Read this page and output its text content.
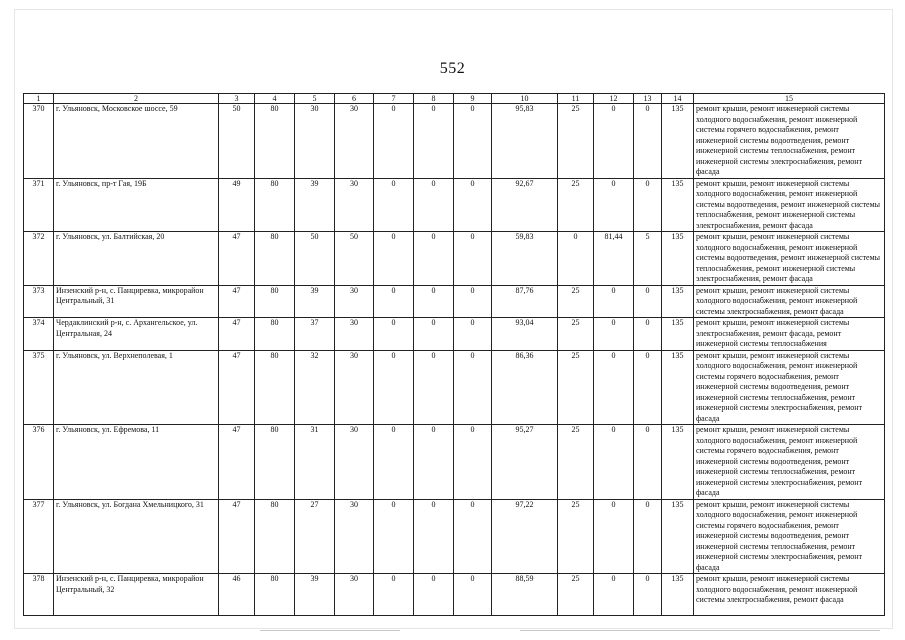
552
1	2	3	4	5	6	7	8	9	10	11	12	13	14	15
370	г. Ульяновск, Московское шоссе, 59	50	80	30	30	0	0	0	95,83	25	0	0	135	ремонт крыши, ремонт инженерной системы холодного водоснабжения, ремонт инженерной системы горячего водоснабжения, ремонт инженерной системы водоотведения, ремонт инженерной системы теплоснабжения, ремонт инженерной системы электроснабжения, ремонт фасада
371	г. Ульяновск, пр-т Гая, 19Б	49	80	39	30	0	0	0	92,67	25	0	0	135	ремонт крыши, ремонт инженерной системы холодного водоснабжения, ремонт инженерной системы водоотведения, ремонт инженерной системы теплоснабжения, ремонт инженерной системы электроснабжения, ремонт фасада
372	г. Ульяновск, ул. Балтийская, 20	47	80	50	50	0	0	0	59,83	0	81,44	5	135	ремонт крыши, ремонт инженерной системы холодного водоснабжения, ремонт инженерной системы водоотведения, ремонт инженерной системы теплоснабжения, ремонт инженерной системы электроснабжения, ремонт фасада
373	Инзенский р-н, с. Панциревка, микрорайон Центральный, 31	47	80	39	30	0	0	0	87,76	25	0	0	135	ремонт крыши, ремонт инженерной системы холодного водоснабжения, ремонт инженерной системы электроснабжения, ремонт фасада
374	Чердаклинский р-н, с. Архангельское, ул. Центральная, 24	47	80	37	30	0	0	0	93,04	25	0	0	135	ремонт крыши, ремонт инженерной системы электроснабжения, ремонт фасада, ремонт инженерной системы теплоснабжения
375	г. Ульяновск, ул. Верхнеполевая, 1	47	80	32	30	0	0	0	86,36	25	0	0	135	ремонт крыши, ремонт инженерной системы холодного водоснабжения, ремонт инженерной системы горячего водоснабжения, ремонт инженерной системы водоотведения, ремонт инженерной системы теплоснабжения, ремонт инженерной системы электроснабжения, ремонт фасада
376	г. Ульяновск, ул. Ефремова, 11	47	80	31	30	0	0	0	95,27	25	0	0	135	ремонт крыши, ремонт инженерной системы холодного водоснабжения, ремонт инженерной системы горячего водоснабжения, ремонт инженерной системы водоотведения, ремонт инженерной системы теплоснабжения, ремонт инженерной системы электроснабжения, ремонт фасада
377	г. Ульяновск, ул. Богдана Хмельницкого, 31	47	80	27	30	0	0	0	97,22	25	0	0	135	ремонт крыши, ремонт инженерной системы холодного водоснабжения, ремонт инженерной системы горячего водоснабжения, ремонт инженерной системы водоотведения, ремонт инженерной системы теплоснабжения, ремонт инженерной системы электроснабжения, ремонт фасада
378	Инзенский р-н, с. Панциревка, микрорайон Центральный, 32	46	80	39	30	0	0	0	88,59	25	0	0	135	ремонт крыши, ремонт инженерной системы холодного водоснабжения, ремонт инженерной системы электроснабжения, ремонт фасада
